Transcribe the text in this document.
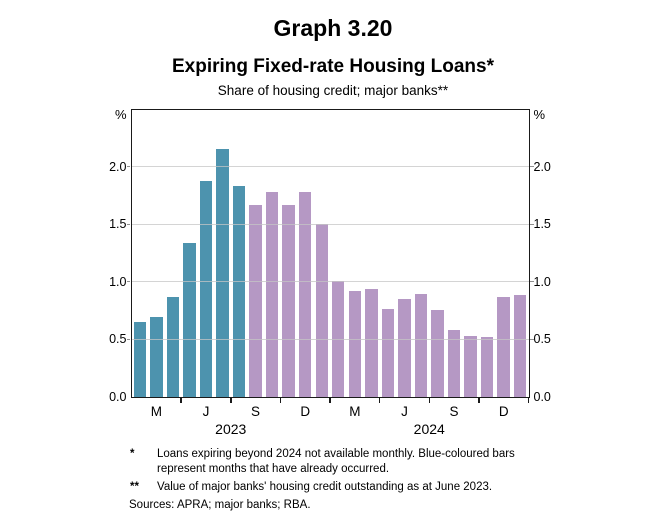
Graph 3.20
Expiring Fixed-rate Housing Loans*
Share of housing credit; major banks**
%	%
0.0	0.0
0.5	0.5
1.0	1.0
1.5	1.5
2.0	2.0
M	J	S	D	M	J	S	D
2023	2024
* Loans expiring beyond 2024 not available monthly. Blue-coloured bars represent months that have already occurred.
** Value of major banks' housing credit outstanding as at June 2023.
Sources: APRA; major banks; RBA.
